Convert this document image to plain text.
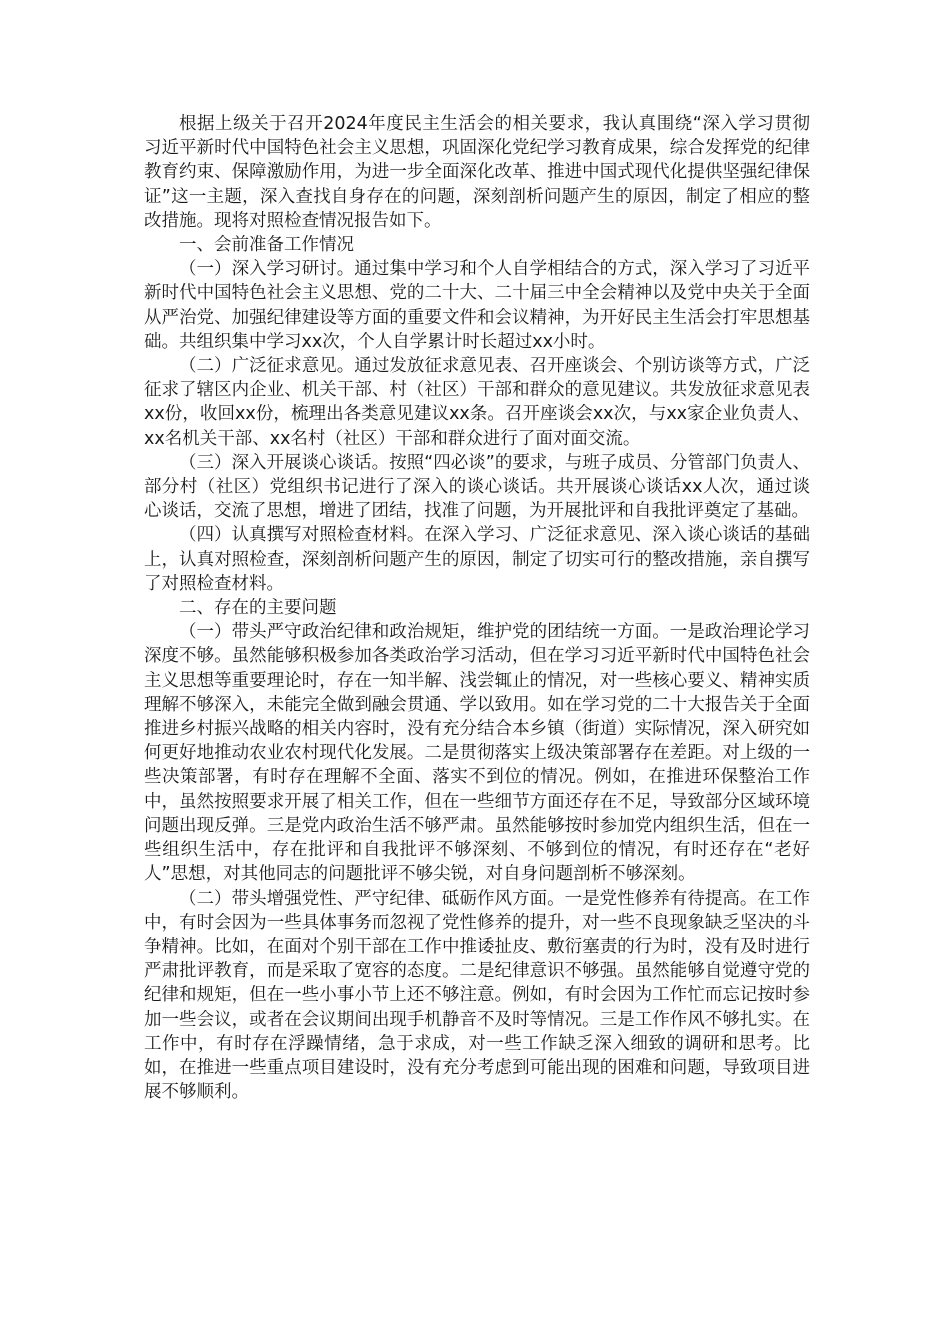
根据上级关于召开2024年度民主生活会的相关要求，我认真围绕“深入学习贯彻习近平新时代中国特色社会主义思想，巩固深化党纪学习教育成果，综合发挥党的纪律教育约束、保障激励作用，为进一步全面深化改革、推进中国式现代化提供坚强纪律保证”这一主题，深入查找自身存在的问题，深刻剖析问题产生的原因，制定了相应的整改措施。现将对照检查情况报告如下。

一、会前准备工作情况

（一）深入学习研讨。通过集中学习和个人自学相结合的方式，深入学习了习近平新时代中国特色社会主义思想、党的二十大、二十届三中全会精神以及党中央关于全面从严治党、加强纪律建设等方面的重要文件和会议精神，为开好民主生活会打牢思想基础。共组织集中学习xx次，个人自学累计时长超过xx小时。

（二）广泛征求意见。通过发放征求意见表、召开座谈会、个别访谈等方式，广泛征求了辖区内企业、机关干部、村（社区）干部和群众的意见建议。共发放征求意见表xx份，收回xx份，梳理出各类意见建议xx条。召开座谈会xx次，与xx家企业负责人、xx名机关干部、xx名村（社区）干部和群众进行了面对面交流。

（三）深入开展谈心谈话。按照“四必谈”的要求，与班子成员、分管部门负责人、部分村（社区）党组织书记进行了深入的谈心谈话。共开展谈心谈话xx人次，通过谈心谈话，交流了思想，增进了团结，找准了问题，为开展批评和自我批评奠定了基础。

（四）认真撰写对照检查材料。在深入学习、广泛征求意见、深入谈心谈话的基础上，认真对照检查，深刻剖析问题产生的原因，制定了切实可行的整改措施，亲自撰写了对照检查材料。

二、存在的主要问题

（一）带头严守政治纪律和政治规矩，维护党的团结统一方面。一是政治理论学习深度不够。虽然能够积极参加各类政治学习活动，但在学习习近平新时代中国特色社会主义思想等重要理论时，存在一知半解、浅尝辄止的情况，对一些核心要义、精神实质理解不够深入，未能完全做到融会贯通、学以致用。如在学习党的二十大报告关于全面推进乡村振兴战略的相关内容时，没有充分结合本乡镇（街道）实际情况，深入研究如何更好地推动农业农村现代化发展。二是贯彻落实上级决策部署存在差距。对上级的一些决策部署，有时存在理解不全面、落实不到位的情况。例如，在推进环保整治工作中，虽然按照要求开展了相关工作，但在一些细节方面还存在不足，导致部分区域环境问题出现反弹。三是党内政治生活不够严肃。虽然能够按时参加党内组织生活，但在一些组织生活中，存在批评和自我批评不够深刻、不够到位的情况，有时还存在“老好人”思想，对其他同志的问题批评不够尖锐，对自身问题剖析不够深刻。

（二）带头增强党性、严守纪律、砥砺作风方面。一是党性修养有待提高。在工作中，有时会因为一些具体事务而忽视了党性修养的提升，对一些不良现象缺乏坚决的斗争精神。比如，在面对个别干部在工作中推诿扯皮、敷衍塞责的行为时，没有及时进行严肃批评教育，而是采取了宽容的态度。二是纪律意识不够强。虽然能够自觉遵守党的纪律和规矩，但在一些小事小节上还不够注意。例如，有时会因为工作忙而忘记按时参加一些会议，或者在会议期间出现手机静音不及时等情况。三是工作作风不够扎实。在工作中，有时存在浮躁情绪，急于求成，对一些工作缺乏深入细致的调研和思考。比如，在推进一些重点项目建设时，没有充分考虑到可能出现的困难和问题，导致项目进展不够顺利。
